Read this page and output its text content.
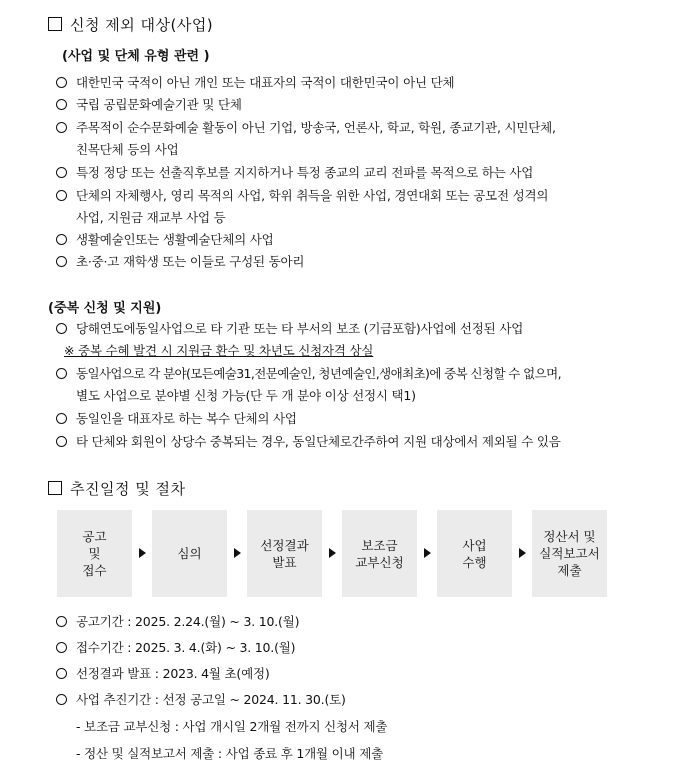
신청 제외 대상(사업)
(사업 및 단체 유형 관련 )
대한민국 국적이 아닌 개인 또는 대표자의 국적이 대한민국이 아닌 단체
국립 공립문화예술기관 및 단체
주목적이 순수문화예술 활동이 아닌 기업, 방송국, 언론사, 학교, 학원, 종교기관, 시민단체,
친목단체 등의 사업
특정 정당 또는 선출직후보를 지지하거나 특정 종교의 교리 전파를 목적으로 하는 사업
단체의 자체행사, 영리 목적의 사업, 학위 취득을 위한 사업, 경연대회 또는 공모전 성격의
사업, 지원금 재교부 사업 등
생활예술인또는 생활예술단체의 사업
초·중·고 재학생 또는 이들로 구성된 동아리
(중복 신청 및 지원)
당해연도에동일사업으로 타 기관 또는 타 부서의 보조 (기금포함)사업에 선정된 사업
※ 중복 수혜 발견 시 지원금 환수 및 차년도 신청자격 상실
동일사업으로 각 분야(모든예술31,전문예술인, 청년예술인,생애최초)에 중복 신청할 수 없으며,
별도 사업으로 분야별 신청 가능(단 두 개 분야 이상 선정시 택1)
동일인을 대표자로 하는 복수 단체의 사업
타 단체와 회원이 상당수 중복되는 경우, 동일단체로간주하여 지원 대상에서 제외될 수 있음
추진일정 및 절차
공고
및
접수
심의
선정결과
발표
보조금
교부신청
사업
수행
정산서 및
실적보고서
제출
공고기간 : 2025. 2.24.(월) ~ 3. 10.(월)
접수기간 : 2025. 3. 4.(화) ~ 3. 10.(월)
선정결과 발표 : 2023. 4월 초(예정)
사업 추진기간 : 선정 공고일 ~ 2024. 11. 30.(토)
- 보조금 교부신청 : 사업 개시일 2개월 전까지 신청서 제출
- 정산 및 실적보고서 제출 : 사업 종료 후 1개월 이내 제출
